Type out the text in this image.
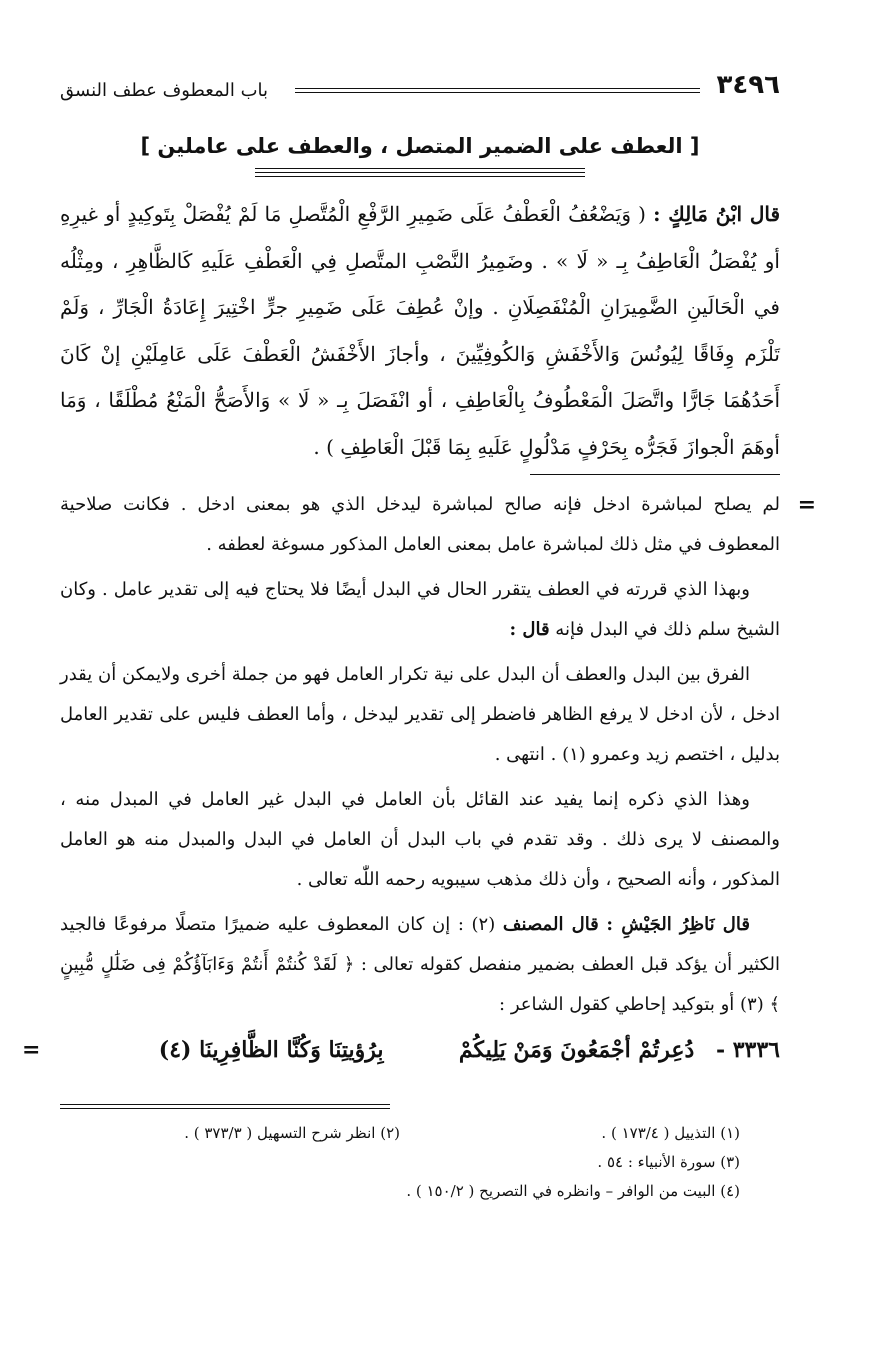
٣٤٩٦
باب المعطوف عطف النسق
[ العطف على الضمير المتصل ، والعطف على عاملين ]
قال ابْنُ مَالِكٍ : ( وَيَضْعُفُ الْعَطْفُ عَلَى ضَمِيرِ الرَّفْعِ الْمُتَّصلِ مَا لَمْ يُفْصَلْ بِتَوكِيدٍ أو غيرِهِ أو يُفْصَلُ الْعَاطِفُ بِـ « لَا » . وضَمِيرُ النَّصْبِ المتَّصلِ فِي الْعَطْفِ عَلَيهِ كَالظَّاهِرِ ، ومِثْلُه في الْحَالَينِ الضَّمِيرَانِ الْمُنْفَصِلَانِ . وإنْ عُطِفَ عَلَى ضَمِيرِ جرٍّ اخْتِيرَ إِعَادَةُ الْجَارِّ ، وَلَمْ تَلْزَم وِفَاقًا لِيُونُسَ وَالأَخْفَشِ وَالكُوفِيِّينَ ، وأجازَ الأَخْفَشُ الْعَطْفَ عَلَى عَامِلَيْنِ إنْ كَانَ أَحَدُهُمَا جَارًّا واتَّصَلَ الْمَعْطُوفُ بِالْعَاطِفِ ، أو انْفَصَلَ بِـ « لَا » وَالأَصَحُّ الْمَنْعُ مُطْلَقًا ، وَمَا أوهَمَ الْجوازَ فَجَرُّه بِحَرْفٍ مَدْلُولٍ عَلَيهِ بِمَا قَبْلَ الْعَاطِفِ ) .
=

لم يصلح لمباشرة ادخل فإنه صالح لمباشرة ليدخل الذي هو بمعنى ادخل . فكانت صلاحية المعطوف في مثل ذلك لمباشرة عامل بمعنى العامل المذكور مسوغة لعطفه .

وبهذا الذي قررته في العطف يتقرر الحال في البدل أيضًا فلا يحتاج فيه إلى تقدير عامل . وكان الشيخ سلم ذلك في البدل فإنه قال :

الفرق بين البدل والعطف أن البدل على نية تكرار العامل فهو من جملة أخرى ولايمكن أن يقدر ادخل ، لأن ادخل لا يرفع الظاهر فاضطر إلى تقدير ليدخل ، وأما العطف فليس على تقدير العامل بدليل ، اختصم زيد وعمرو (١) . انتهى .

وهذا الذي ذكره إنما يفيد عند القائل بأن العامل في البدل غير العامل في المبدل منه ، والمصنف لا يرى ذلك . وقد تقدم في باب البدل أن العامل في البدل والمبدل منه هو العامل المذكور ، وأنه الصحيح ، وأن ذلك مذهب سيبويه رحمه اللّٰه تعالى .

قال نَاظِرُ الجَيْشِ : قال المصنف (٢) : إن كان المعطوف عليه ضميرًا متصلًا مرفوعًا فالجيد الكثير أن يؤكد قبل العطف بضمير منفصل كقوله تعالى : ﴿ لَقَدْ كُنتُمْ أَنتُمْ وَءَابَآؤُكُمْ فِى ضَلَٰلٍ مُّبِينٍ ﴾ (٣) أو بتوكيد إحاطي كقول الشاعر :

٣٣٣٦ - دُعِرتُمْ أجْمَعُونَ وَمَنْ يَلِيكُمْ  بِرُؤيتِنَا وَكُنَّا الظَّافِرِينَا (٤)
=
(١) التذييل ( ١٧٣/٤ ) .
(٢) انظر شرح التسهيل ( ٣٧٣/٣ ) .
(٣) سورة الأنبياء : ٥٤ .
(٤) البيت من الوافر – وانظره في التصريح ( ١٥٠/٢ ) .
